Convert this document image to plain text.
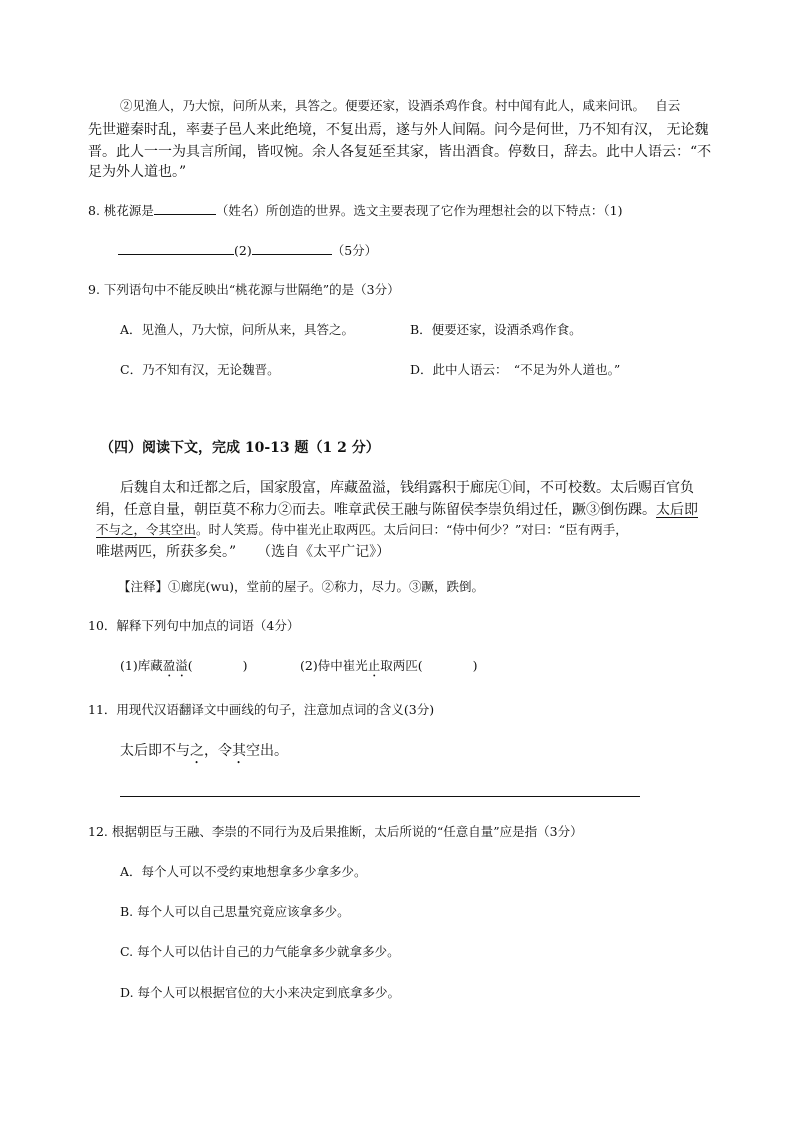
②见渔人，乃大惊，问所从来，具答之。便要还家，设酒杀鸡作食。村中闻有此人，咸来问讯。　 自云
先世避秦时乱，率妻子邑人来此绝境，不复出焉，遂与外人间隔。问今是何世，乃不知有汉， 无论魏
晋。此人一一为具言所闻，皆叹惋。余人各复延至其家，皆出酒食。停数日，辞去。此中人语云：“不
足为外人道也。”
8. 桃花源是	（姓名）所创造的世界。选文主要表现了它作为理想社会的以下特点：（1)
(2)	（5分）
9. 下列语句中不能反映出“桃花源与世隔绝”的是（3分）
A．见渔人，乃大惊，问所从来，具答之。	B．便要还家，设酒杀鸡作食。
C．乃不知有汉，无论魏晋。	D．此中人语云：　“不足为外人道也。”
（四）阅读下文，完成 10-13 题（1 2 分）
后魏自太和迁都之后，国家殷富，库藏盈溢，钱绢露积于廊庑①间，不可校数。太后赐百官负
绢，任意自量，朝臣莫不称力②而去。唯章武侯王融与陈留侯李崇负绢过任，蹶③倒伤踝。太后即
不与之，令其空出。时人笑焉。侍中崔光止取两匹。太后问曰：“侍中何少？”对曰：“臣有两手，
唯堪两匹，所获多矣。”　　（选自《太平广记》）
【注释】①廊庑(wu)，堂前的屋子。②称力，尽力。③蹶，跌倒。
10．解释下列句中加点的词语（4分）
(1)库藏盈溢(　　　　)	(2)侍中崔光止取两匹(　　　　)
11．用现代汉语翻译文中画线的句子，注意加点词的含义(3分)
太后即不与之，令其空出。
12. 根据朝臣与王融、李崇的不同行为及后果推断，太后所说的“任意自量”应是指（3分）
A．每个人可以不受约束地想拿多少拿多少。
B. 每个人可以自己思量究竟应该拿多少。
C. 每个人可以估计自己的力气能拿多少就拿多少。
D. 每个人可以根据官位的大小来决定到底拿多少。
